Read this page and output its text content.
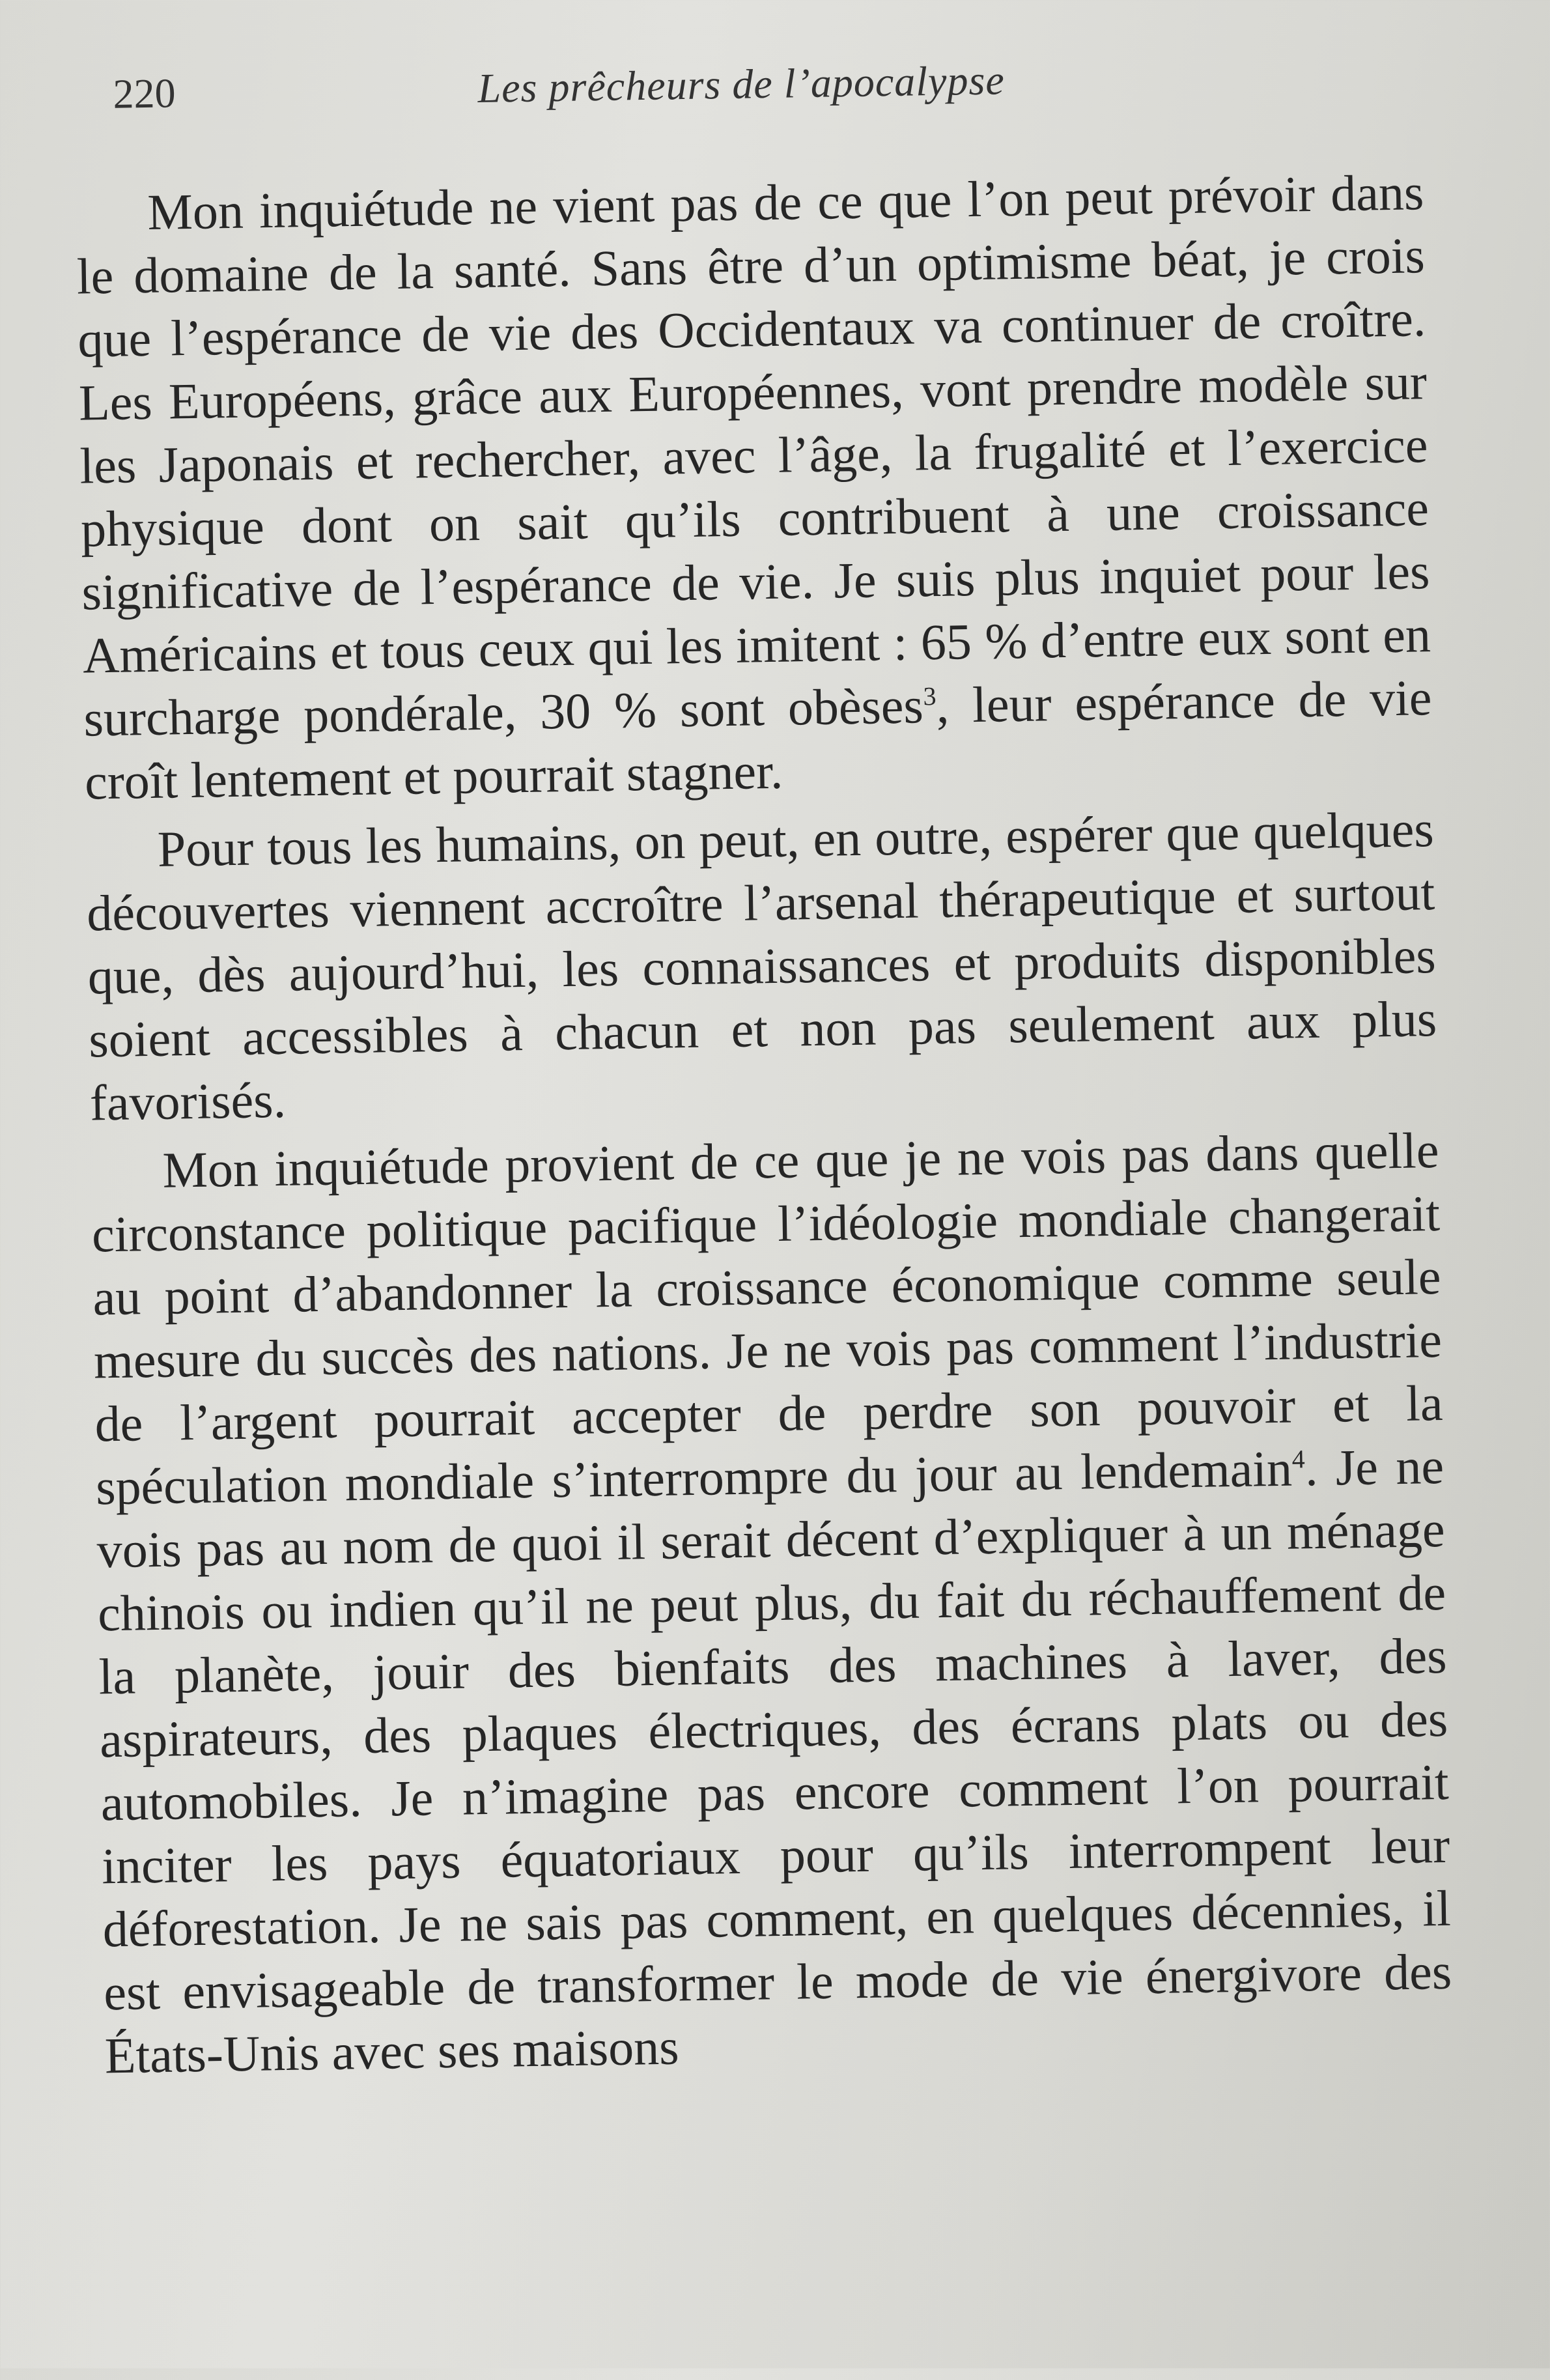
220	Les prêcheurs de l’apocalypse

Mon inquiétude ne vient pas de ce que l’on peut prévoir dans le domaine de la santé. Sans être d’un optimisme béat, je crois que l’espérance de vie des Occidentaux va continuer de croître. Les Européens, grâce aux Européennes, vont prendre modèle sur les Japonais et rechercher, avec l’âge, la frugalité et l’exercice physique dont on sait qu’ils contribuent à une croissance significative de l’espérance de vie. Je suis plus inquiet pour les Américains et tous ceux qui les imitent : 65 % d’entre eux sont en surcharge pondérale, 30 % sont obèses$^3$, leur espérance de vie croît lentement et pourrait stagner.

Pour tous les humains, on peut, en outre, espérer que quelques découvertes viennent accroître l’arsenal thérapeutique et surtout que, dès aujourd’hui, les connaissances et produits disponibles soient accessibles à chacun et non pas seulement aux plus favorisés.

Mon inquiétude provient de ce que je ne vois pas dans quelle circonstance politique pacifique l’idéologie mondiale changerait au point d’abandonner la croissance économique comme seule mesure du succès des nations. Je ne vois pas comment l’industrie de l’argent pourrait accepter de perdre son pouvoir et la spéculation mondiale s’interrompre du jour au lendemain$^4$. Je ne vois pas au nom de quoi il serait décent d’expliquer à un ménage chinois ou indien qu’il ne peut plus, du fait du réchauffement de la planète, jouir des bienfaits des machines à laver, des aspirateurs, des plaques électriques, des écrans plats ou des automobiles. Je n’imagine pas encore comment l’on pourrait inciter les pays équatoriaux pour qu’ils interrompent leur déforestation. Je ne sais pas comment, en quelques décennies, il est envisageable de transformer le mode de vie énergivore des États-Unis avec ses maisons
